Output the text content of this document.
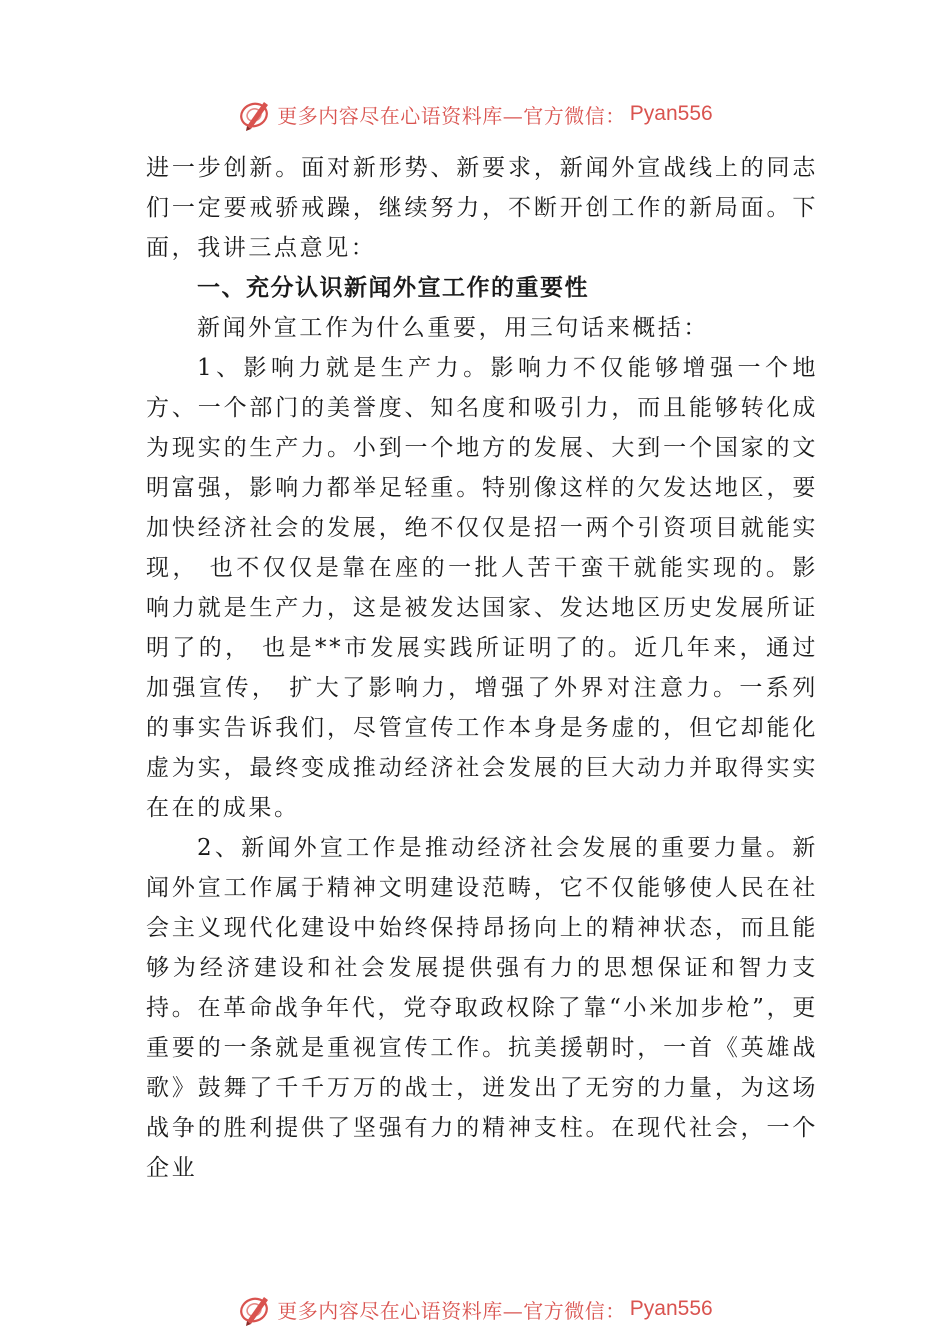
更多内容尽在心语资料库—官方微信： Pyan556

进一步创新。面对新形势、新要求，新闻外宣战线上的同志们一定要戒骄戒躁，继续努力，不断开创工作的新局面。下面，我讲三点意见：

一、充分认识新闻外宣工作的重要性

新闻外宣工作为什么重要，用三句话来概括：

1、影响力就是生产力。影响力不仅能够增强一个地方、一个部门的美誉度、知名度和吸引力，而且能够转化成为现实的生产力。小到一个地方的发展、大到一个国家的文明富强，影响力都举足轻重。特别像这样的欠发达地区，要加快经济社会的发展，绝不仅仅是招一两个引资项目就能实现， 也不仅仅是靠在座的一批人苦干蛮干就能实现的。影响力就是生产力，这是被发达国家、发达地区历史发展所证明了的， 也是**市发展实践所证明了的。近几年来，通过加强宣传， 扩大了影响力，增强了外界对注意力。一系列的事实告诉我们，尽管宣传工作本身是务虚的，但它却能化虚为实，最终变成推动经济社会发展的巨大动力并取得实实在在的成果。

2、新闻外宣工作是推动经济社会发展的重要力量。新闻外宣工作属于精神文明建设范畴，它不仅能够使人民在社会主义现代化建设中始终保持昂扬向上的精神状态，而且能够为经济建设和社会发展提供强有力的思想保证和智力支持。在革命战争年代，党夺取政权除了靠“小米加步枪”，更重要的一条就是重视宣传工作。抗美援朝时，一首《英雄战歌》鼓舞了千千万万的战士，迸发出了无穷的力量，为这场战争的胜利提供了坚强有力的精神支柱。在现代社会，一个企业

更多内容尽在心语资料库—官方微信： Pyan556
